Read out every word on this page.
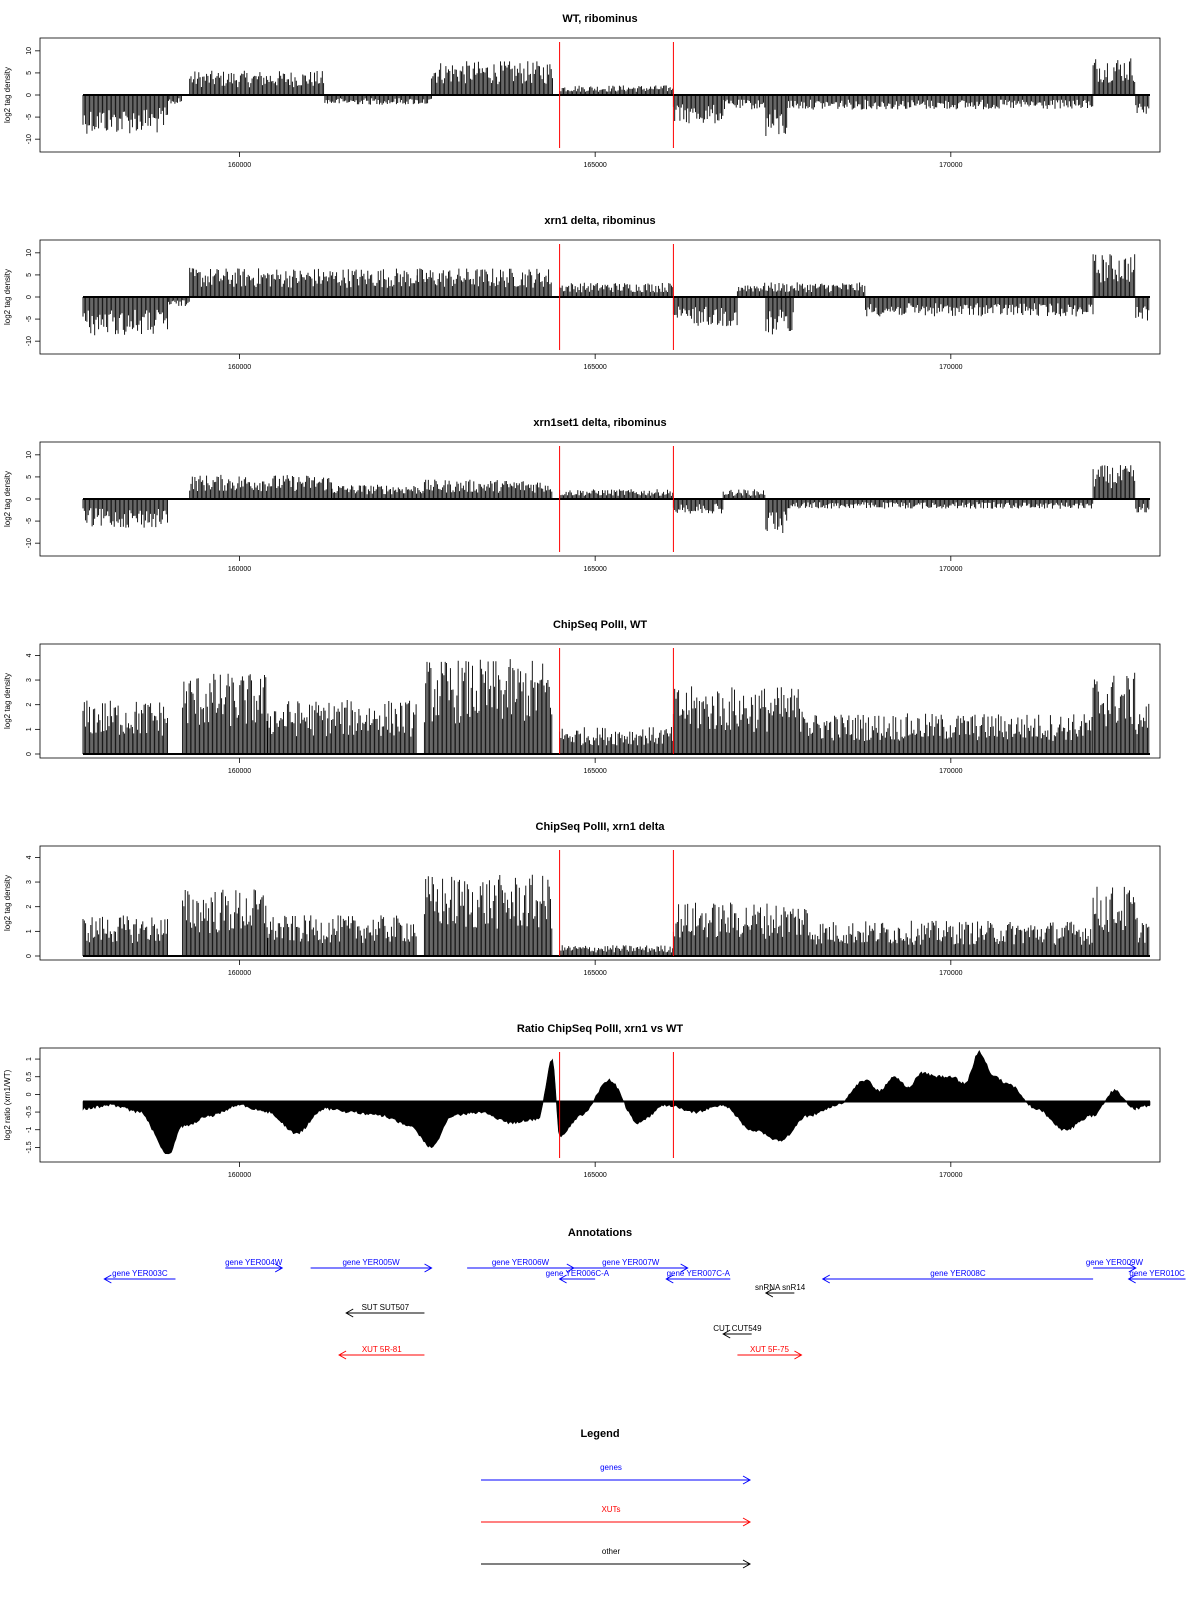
WT, ribominus
log2 tag density
-10
-5
0
5
10
160000	165000	170000
xrn1 delta, ribominus
log2 tag density
-10
-5
0
5
10
160000	165000	170000
xrn1set1 delta, ribominus
log2 tag density
-10
-5
0
5
10
160000	165000	170000
ChipSeq PolII, WT
log2 tag density
0
1
2
3
4
160000	165000	170000
ChipSeq PolII, xrn1 delta
log2 tag density
0
1
2
3
4
160000	165000	170000
Ratio ChipSeq PolII, xrn1 vs WT
log2 ratio (xrn1/WT)
-1.5
-1
-0.5
0
0.5
1
160000	165000	170000
Annotations
gene YER003C
gene YER004W	gene YER005W	gene YER006W
gene YER006C-A
gene YER007W
gene YER007C-A	gene YER008C
gene YER009W
gene YER010C
snRNA snR14
SUT SUT507
CUT CUT549
XUT 5R-81	XUT 5F-75
Legend
genes
XUTs
other
